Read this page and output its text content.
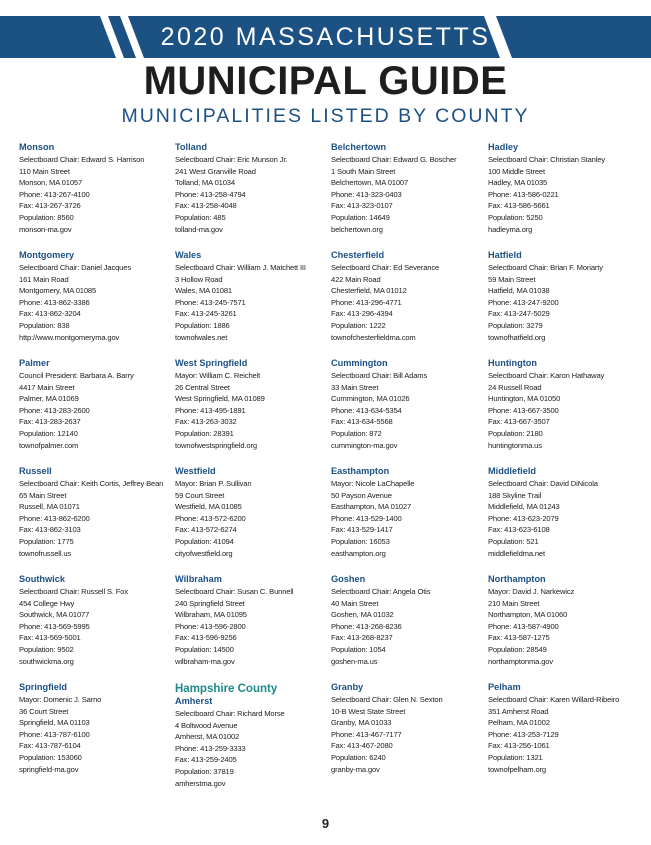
2020 MASSACHUSETTS
MUNICIPAL GUIDE
MUNICIPALITIES LISTED BY COUNTY
Monson
Selectboard Chair: Edward S. Harrison
110 Main Street
Monson, MA 01057
Phone: 413-267-4100
Fax: 413-267-3726
Population: 8560
monson-ma.gov
Montgomery
Selectboard Chair: Daniel Jacques
161 Main Road
Montgomery, MA 01085
Phone: 413-862-3386
Fax: 413-862-3204
Population: 838
http://www.montgomeryma.gov
Palmer
Council President: Barbara A. Barry
4417 Main Street
Palmer, MA 01069
Phone: 413-283-2600
Fax: 413-283-2637
Population: 12140
townofpalmer.com
Russell
Selectboard Chair: Keith Cortis, Jeffrey Bean
65 Main Street
Russell, MA 01071
Phone: 413-862-6200
Fax: 413-862-3103
Population: 1775
townofrussell.us
Southwick
Selectboard Chair: Russell S. Fox
454 College Hwy
Southwick, MA 01077
Phone: 413-569-5995
Fax: 413-569-5001
Population: 9502
southwickma.org
Springfield
Mayor: Domenic J. Sarno
36 Court Street
Springfield, MA 01103
Phone: 413-787-6100
Fax: 413-787-6104
Population: 153060
springfield-ma.gov
Tolland
Selectboard Chair: Eric Munson Jr.
241 West Granville Road
Tolland, MA 01034
Phone: 413-258-4794
Fax: 413-258-4048
Population: 485
tolland-ma.gov
Wales
Selectboard Chair: William J. Matchett III
3 Hollow Road
Wales, MA 01081
Phone: 413-245-7571
Fax: 413-245-3261
Population: 1886
townofwales.net
West Springfield
Mayor: William C. Reichelt
26 Central Street
West Springfield, MA 01089
Phone: 413-495-1891
Fax: 413-263-3032
Population: 28391
townofwestspringfield.org
Westfield
Mayor: Brian P. Sullivan
59 Court Street
Westfield, MA 01085
Phone: 413-572-6200
Fax: 413-572-6274
Population: 41094
cityofwestfield.org
Wilbraham
Selectboard Chair: Susan C. Bunnell
240 Springfield Street
Wilbraham, MA 01095
Phone: 413-596-2800
Fax: 413-596-9256
Population: 14500
wilbraham-ma.gov
Hampshire County
Amherst
Selectboard Chair: Richard Morse
4 Boltwood Avenue
Amherst, MA 01002
Phone: 413-259-3333
Fax: 413-259-2405
Population: 37819
amherstma.gov
Belchertown
Selectboard Chair: Edward G. Boscher
1 South Main Street
Belchertown, MA 01007
Phone: 413-323-0403
Fax: 413-323-0107
Population: 14649
belchertown.org
Chesterfield
Selectboard Chair: Ed Severance
422 Main Road
Chesterfield, MA 01012
Phone: 413-296-4771
Fax: 413-296-4394
Population: 1222
townofchesterfieldma.com
Cummington
Selectboard Chair: Bill Adams
33 Main Street
Cummington, MA 01026
Phone: 413-634-5354
Fax: 413-634-5568
Population: 872
cummington-ma.gov
Easthampton
Mayor: Nicole LaChapelle
50 Payson Avenue
Easthampton, MA 01027
Phone: 413-529-1400
Fax: 413-529-1417
Population: 16053
easthampton.org
Goshen
Selectboard Chair: Angela Otis
40 Main Street
Goshen, MA 01032
Phone: 413-268-8236
Fax: 413-268-8237
Population: 1054
goshen-ma.us
Granby
Selectboard Chair: Glen N. Sexton
10-B West State Street
Granby, MA 01033
Phone: 413-467-7177
Fax: 413-467-2080
Population: 6240
granby-ma.gov
Hadley
Selectboard Chair: Christian Stanley
100 Middle Street
Hadley, MA 01035
Phone: 413-586-0221
Fax: 413-586-5661
Population: 5250
hadleyma.org
Hatfield
Selectboard Chair: Brian F. Moriarty
59 Main Street
Hatfield, MA 01038
Phone: 413-247-9200
Fax: 413-247-5029
Population: 3279
townofhatfield.org
Huntington
Selectboard Chair: Karon Hathaway
24 Russell Road
Huntington, MA 01050
Phone: 413-667-3500
Fax: 413-667-3507
Population: 2180
huntingtonma.us
Middlefield
Selectboard Chair: David DiNicola
188 Skyline Trail
Middlefield, MA 01243
Phone: 413-623-2079
Fax: 413-623-6108
Population: 521
middlefieldma.net
Northampton
Mayor: David J. Narkewicz
210 Main Street
Northampton, MA 01060
Phone: 413-587-4900
Fax: 413-587-1275
Population: 28549
northamptonma.gov
Pelham
Selectboard Chair: Karen Willard-Ribeiro
351 Amherst Road
Pelham, MA 01002
Phone: 413-253-7129
Fax: 413-256-1061
Population: 1321
townofpelham.org
9
